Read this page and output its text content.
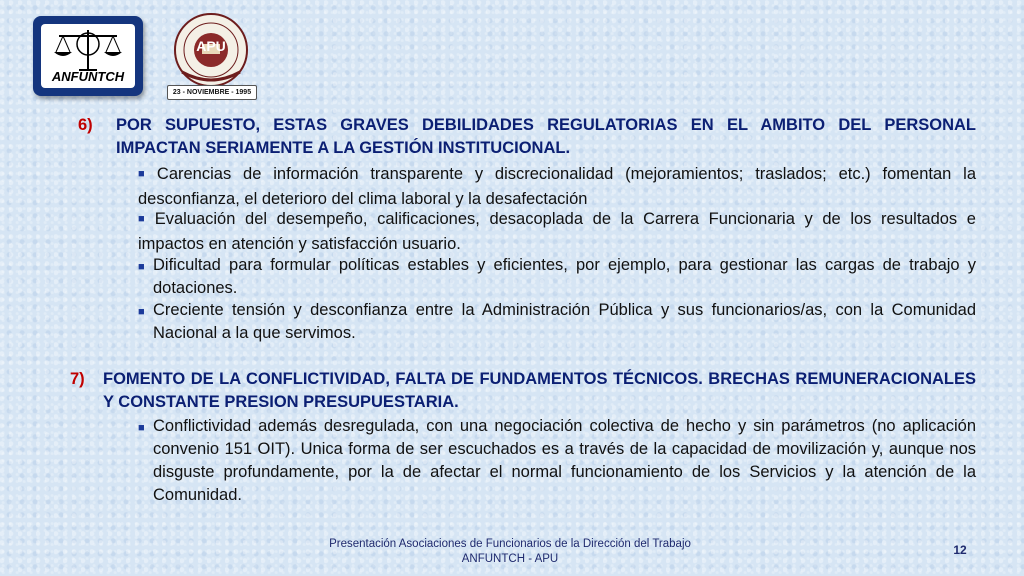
ANFUNTCH
APU
23 - NOVIEMBRE - 1995
6) POR SUPUESTO, ESTAS GRAVES DEBILIDADES REGULATORIAS EN EL AMBITO DEL PERSONAL IMPACTAN SERIAMENTE A LA GESTIÓN INSTITUCIONAL.
■ Carencias de información transparente y discrecionalidad (mejoramientos; traslados; etc.) fomentan la desconfianza, el deterioro del clima laboral y la desafectación
■ Evaluación del desempeño, calificaciones, desacoplada de la Carrera Funcionaria y de los resultados e impactos en atención y satisfacción usuario.
■ Dificultad para formular políticas estables y eficientes, por ejemplo, para gestionar las cargas de trabajo y dotaciones.
■ Creciente tensión y desconfianza entre la Administración Pública y sus funcionarios/as, con la Comunidad Nacional a la que servimos.
7) FOMENTO DE LA CONFLICTIVIDAD, FALTA DE FUNDAMENTOS TÉCNICOS. BRECHAS REMUNERACIONALES Y CONSTANTE PRESION PRESUPUESTARIA.
■ Conflictividad además desregulada, con una negociación colectiva de hecho y sin parámetros (no aplicación convenio 151 OIT). Unica forma de ser escuchados es a través de la capacidad de movilización y, aunque nos disguste profundamente, por la de afectar el normal funcionamiento de los Servicios y la atención de la Comunidad.
Presentación Asociaciones de Funcionarios de la Dirección del Trabajo
ANFUNTCH - APU
12
